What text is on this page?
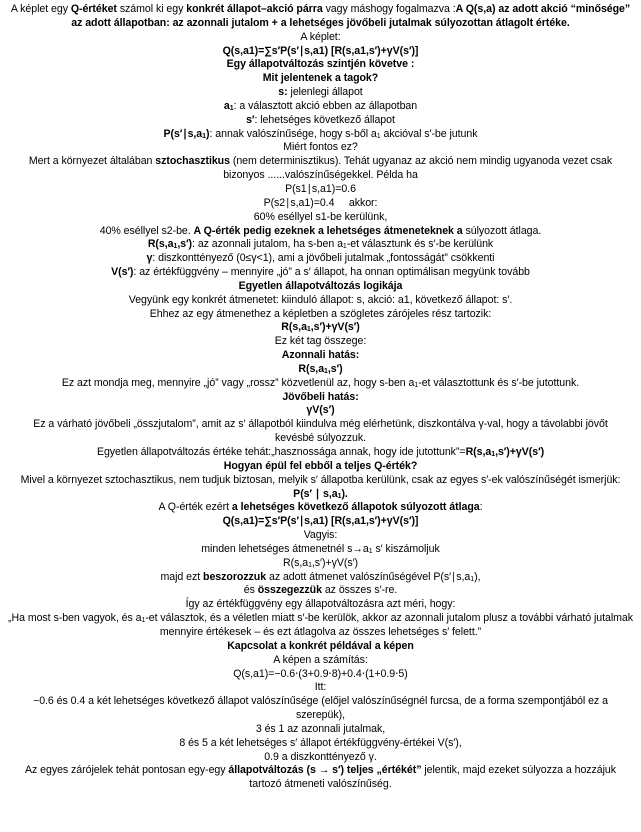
A képlet egy Q-értéket számol ki egy konkrét állapot–akció párra vagy máshogy fogalmazva :A Q(s,a) az adott akció “minősége”
az adott állapotban: az azonnali jutalom + a lehetséges jövőbeli jutalmak súlyozottan átlagolt értéke.
A képlet:
Q(s,a1)=∑s′P(s′∣s,a1) [R(s,a1,s′)+γV(s′)]
Egy állapotváltozás szintjén követve :
Mit jelentenek a tagok?
s: jelenlegi állapot
$a_1$: a választott akció ebben az állapotban
s′: lehetséges következő állapot
$P(s'∣s,a_1)$: annak valószínűsége, hogy s-ből $a_1$ akcióval s′-be jutunk
Miért fontos ez?
Mert a környezet általában sztochasztikus (nem determinisztikus). Tehát ugyanaz az akció nem mindig ugyanoda vezet csak
bizonyos ......valószínűségekkel. Példa ha
P(s1∣s,a1)=0.6
P(s2∣s,a1)=0.4     akkor:
60% eséllyel s1-be kerülünk,
40% eséllyel s2-be. A Q-érték pedig ezeknek a lehetséges átmeneteknek a súlyozott átlaga.
$R(s,a_1,s')$: az azonnali jutalom, ha s-ben $a_1-et$ választunk és s′-be kerülünk
γ: diszkonttényező (0≤γ<1), ami a jövőbeli jutalmak „fontosságát” csökkenti
V(s′): az értékfüggvény – mennyire „jó” a s′ állapot, ha onnan optimálisan megyünk tovább
Egyetlen állapotváltozás logikája
Vegyünk egy konkrét átmenetet: kiinduló állapot: s, akció: a1, következő állapot: s′.
Ehhez az egy átmenethez a képletben a szögletes zárójeles rész tartozik:
$R(s,a_1,s')+\gamma V(s')$
Ez két tag összege:
Azonnali hatás:
$R(s,a_1,s')$
Ez azt mondja meg, mennyire „jó” vagy „rossz” közvetlenül az, hogy s-ben $a_1-et$ választottunk és s′-be jutottunk.
Jövőbeli hatás:
γV(s′)
Ez a várható jövőbeli „összjutalom”, amit az s′ állapotból kiindulva még elérhetünk, diszkontálva γ-val, hogy a távolabbi jövőt kevésbé súlyozzuk.
Egyetlen állapotváltozás értéke tehát:„hasznossága annak, hogy ide $jutottunk”=R(s,a_1,s')+\gamma V(s')$
Hogyan épül fel ebből a teljes Q-érték?
Mivel a környezet sztochasztikus, nem tudjuk biztosan, melyik s′ állapotba kerülünk, csak az egyes s′-ek valószínűségét ismerjük:
P(s′ ∣ $s,a_1$).
A Q-érték ezért a lehetséges következő állapotok súlyozott átlaga:
Q(s,a1)=∑s′P(s′∣s,a1) [R(s,a1,s′)+γV(s′)]
Vagyis:
minden lehetséges átmenetnél $s\to a_1$ s′ kiszámoljuk
$R(s,a_1,s')+\gamma V(s')$
majd ezt beszorozzuk az adott átmenet valószínűségével $P(s'∣s,a_1)$,
és összegezzük az összes s′-re.
Így az értékfüggvény egy állapotváltozásra azt méri, hogy:
„Ha most s-ben vagyok, és $a_1-et$ választok, és a véletlen miatt s′-be kerülök, akkor az azonnali jutalom plusz a további várható jutalmak mennyire értékesek – és ezt átlagolva az összes lehetséges s′ felett.”
Kapcsolat a konkrét példával a képen
A képen a számítás:
Q(s,a1)=−0.6⋅(3+0.9⋅8)+0.4⋅(1+0.9⋅5)
Itt:
−0.6 és 0.4 a két lehetséges következő állapot valószínűsége (előjel valószínűségnél furcsa, de a forma szempontjából ez a szerepük),
3 és 1 az azonnali jutalmak,
8 és 5 a két lehetséges s′ állapot értékfüggvény-értékei V(s′),
0.9 a diszkonttényező γ.
Az egyes zárójelek tehát pontosan egy-egy állapotváltozás (s → s′) teljes „értékét” jelentik, majd ezeket súlyozza a hozzájuk tartozó átmeneti valószínűség.
